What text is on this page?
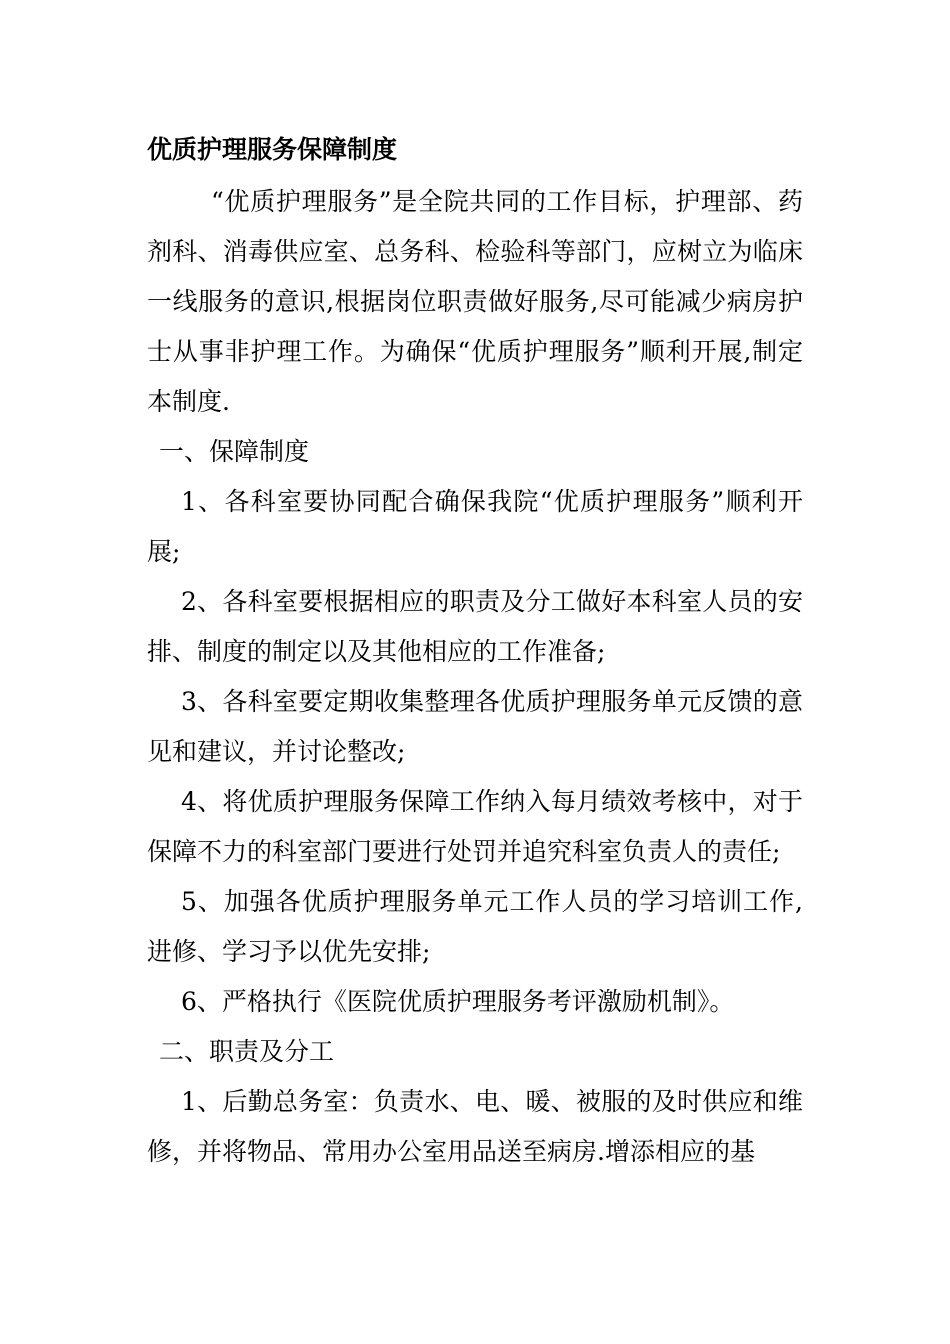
优质护理服务保障制度

“优质护理服务”是全院共同的工作目标，护理部、药剂科、消毒供应室、总务科、检验科等部门，应树立为临床一线服务的意识,根据岗位职责做好服务,尽可能减少病房护士从事非护理工作。为确保“优质护理服务”顺利开展,制定本制度.

一、保障制度

1、各科室要协同配合确保我院“优质护理服务”顺利开展;

2、各科室要根据相应的职责及分工做好本科室人员的安排、制度的制定以及其他相应的工作准备;

3、各科室要定期收集整理各优质护理服务单元反馈的意见和建议，并讨论整改;

4、将优质护理服务保障工作纳入每月绩效考核中，对于保障不力的科室部门要进行处罚并追究科室负责人的责任;

5、加强各优质护理服务单元工作人员的学习培训工作,进修、学习予以优先安排;

6、严格执行《医院优质护理服务考评激励机制》。

二、职责及分工

1、后勤总务室：负责水、电、暖、被服的及时供应和维修，并将物品、常用办公室用品送至病房.增添相应的基
